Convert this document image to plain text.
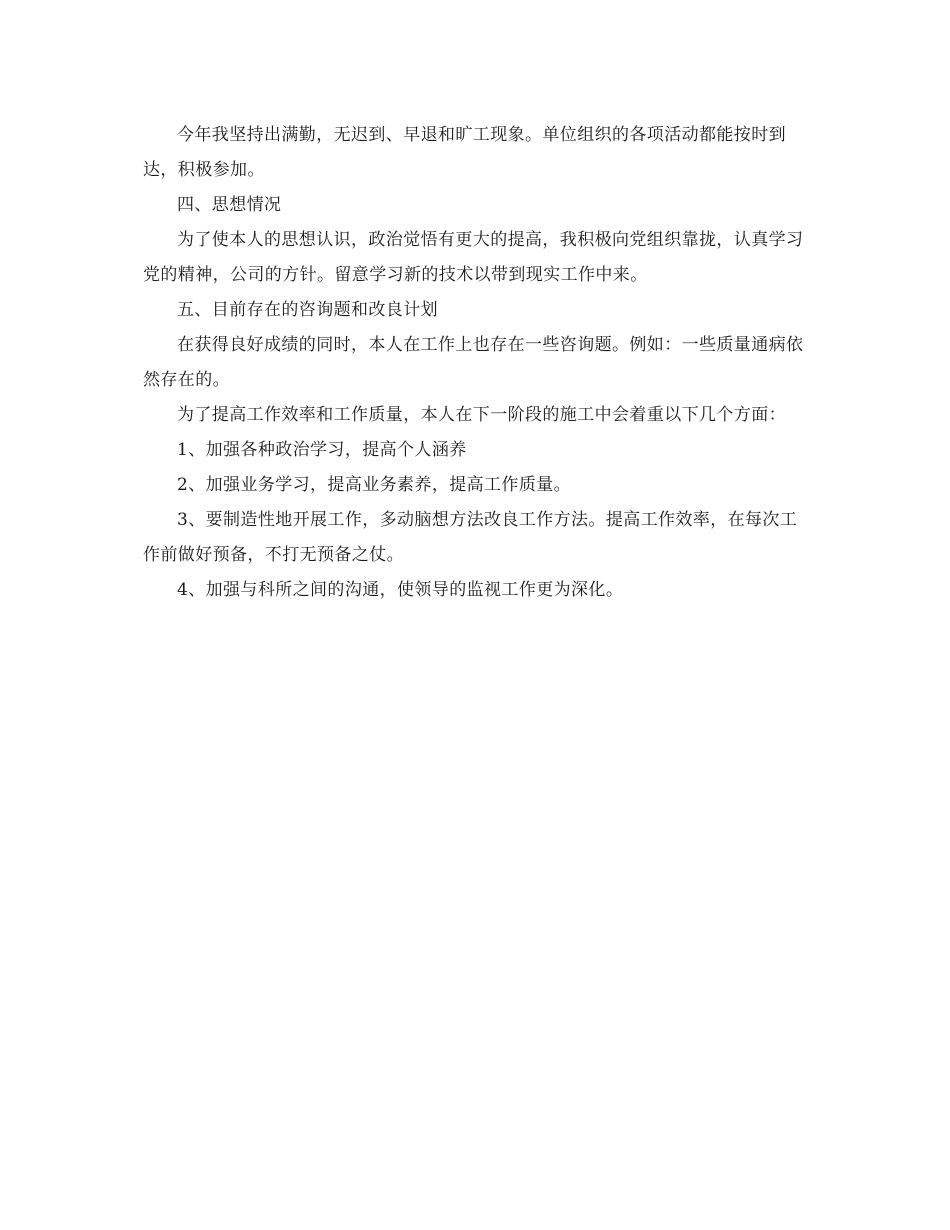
今年我坚持出满勤，无迟到、早退和旷工现象。单位组织的各项活动都能按时到达，积极参加。

四、思想情况

为了使本人的思想认识，政治觉悟有更大的提高，我积极向党组织靠拢，认真学习党的精神，公司的方针。留意学习新的技术以带到现实工作中来。

五、目前存在的咨询题和改良计划

在获得良好成绩的同时，本人在工作上也存在一些咨询题。例如：一些质量通病依然存在的。

为了提高工作效率和工作质量，本人在下一阶段的施工中会着重以下几个方面：

1、加强各种政治学习，提高个人涵养

2、加强业务学习，提高业务素养，提高工作质量。

3、要制造性地开展工作，多动脑想方法改良工作方法。提高工作效率，在每次工作前做好预备，不打无预备之仗。

4、加强与科所之间的沟通，使领导的监视工作更为深化。
